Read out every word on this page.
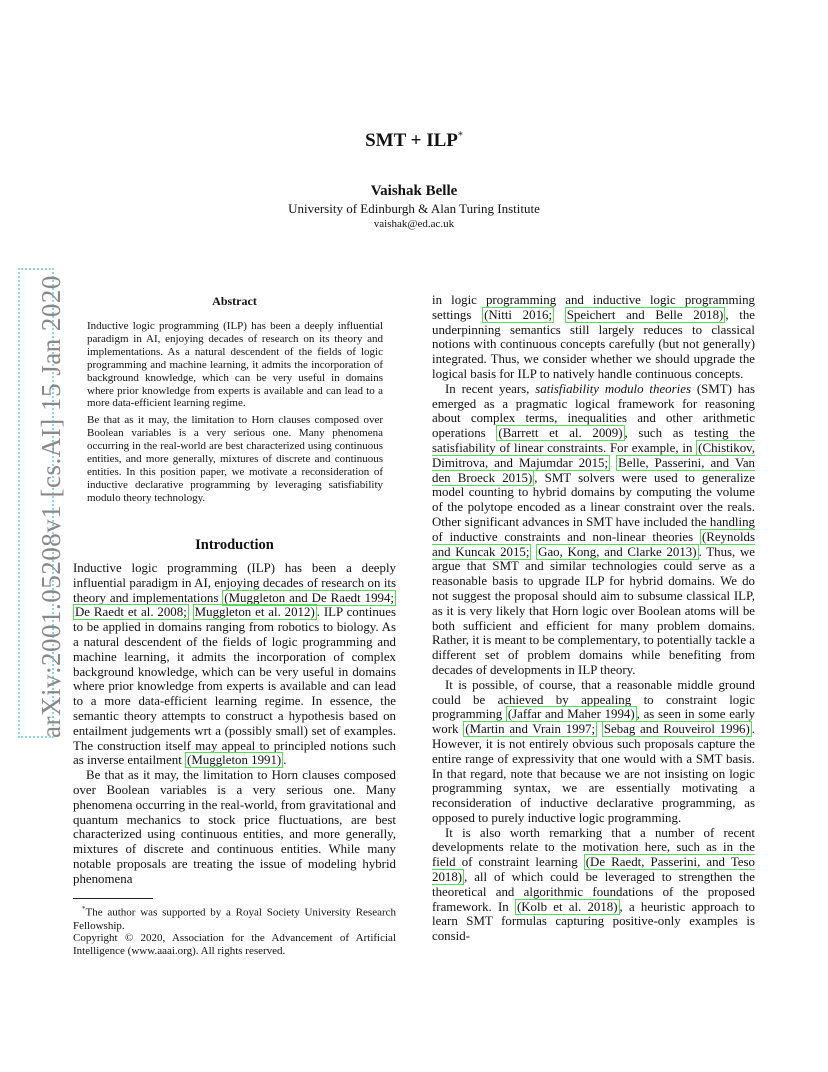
arXiv:2001.05208v1 [cs.AI] 15 Jan 2020
SMT + ILP*
Vaishak Belle
University of Edinburgh & Alan Turing Institute
vaishak@ed.ac.uk
Abstract

Inductive logic programming (ILP) has been a deeply influential paradigm in AI, enjoying decades of research on its theory and implementations. As a natural descendent of the fields of logic programming and machine learning, it admits the incorporation of background knowledge, which can be very useful in domains where prior knowledge from experts is available and can lead to a more data-efficient learning regime.

Be that as it may, the limitation to Horn clauses composed over Boolean variables is a very serious one. Many phenomena occurring in the real-world are best characterized using continuous entities, and more generally, mixtures of discrete and continuous entities. In this position paper, we motivate a reconsideration of inductive declarative programming by leveraging satisfiability modulo theory technology.

Introduction

Inductive logic programming (ILP) has been a deeply influential paradigm in AI, enjoying decades of research on its theory and implementations (Muggleton and De Raedt 1994; De Raedt et al. 2008; Muggleton et al. 2012) . ILP continues to be applied in domains ranging from robotics to biology. As a natural descendent of the fields of logic programming and machine learning, it admits the incorporation of complex background knowledge, which can be very useful in domains where prior knowledge from experts is available and can lead to a more data-efficient learning regime. In essence, the semantic theory attempts to construct a hypothesis based on entailment judgements wrt a (possibly small) set of examples. The construction itself may appeal to principled notions such as inverse entailment (Muggleton 1991) .

Be that as it may, the limitation to Horn clauses composed over Boolean variables is a very serious one. Many phenomena occurring in the real-world, from gravitational and quantum mechanics to stock price fluctuations, are best characterized using continuous entities, and more generally, mixtures of discrete and continuous entities. While many notable proposals are treating the issue of modeling hybrid phenomena

*The author was supported by a Royal Society University Research Fellowship.

Copyright © 2020, Association for the Advancement of Artificial Intelligence (www.aaai.org). All rights reserved.

in logic programming and inductive logic programming settings (Nitti 2016; Speichert and Belle 2018) , the underpinning semantics still largely reduces to classical notions with continuous concepts carefully (but not generally) integrated. Thus, we consider whether we should upgrade the logical basis for ILP to natively handle continuous concepts.

In recent years, satisfiability modulo theories (SMT) has emerged as a pragmatic logical framework for reasoning about complex terms, inequalities and other arithmetic operations (Barrett et al. 2009) , such as testing the satisfiability of linear constraints. For example, in (Chistikov, Dimitrova, and Majumdar 2015; Belle, Passerini, and Van den Broeck 2015) , SMT solvers were used to generalize model counting to hybrid domains by computing the volume of the polytope encoded as a linear constraint over the reals. Other significant advances in SMT have included the handling of inductive constraints and non-linear theories (Reynolds and Kuncak 2015; Gao, Kong, and Clarke 2013) . Thus, we argue that SMT and similar technologies could serve as a reasonable basis to upgrade ILP for hybrid domains. We do not suggest the proposal should aim to subsume classical ILP, as it is very likely that Horn logic over Boolean atoms will be both sufficient and efficient for many problem domains. Rather, it is meant to be complementary, to potentially tackle a different set of problem domains while benefiting from decades of developments in ILP theory.

It is possible, of course, that a reasonable middle ground could be achieved by appealing to constraint logic programming (Jaffar and Maher 1994) , as seen in some early work (Martin and Vrain 1997; Sebag and Rouveirol 1996) . However, it is not entirely obvious such proposals capture the entire range of expressivity that one would with a SMT basis. In that regard, note that because we are not insisting on logic programming syntax, we are essentially motivating a reconsideration of inductive declarative programming, as opposed to purely inductive logic programming.

It is also worth remarking that a number of recent developments relate to the motivation here, such as in the field of constraint learning (De Raedt, Passerini, and Teso 2018) , all of which could be leveraged to strengthen the theoretical and algorithmic foundations of the proposed framework. In (Kolb et al. 2018) , a heuristic approach to learn SMT formulas capturing positive-only examples is consid-
